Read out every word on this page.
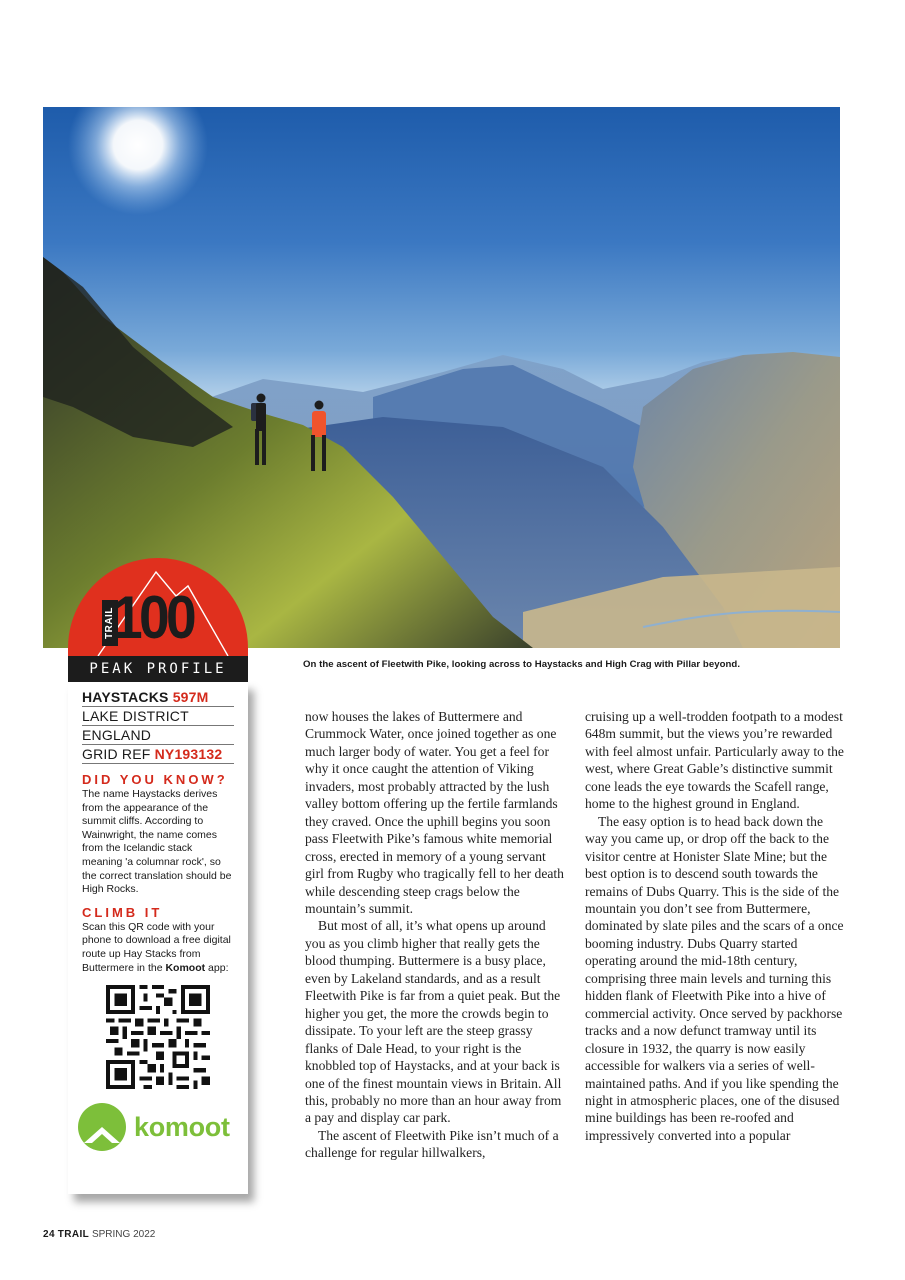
TRAIL
100
PEAK PROFILE
HAYSTACKS 597M
LAKE DISTRICT
ENGLAND
GRID REF NY193132
DID YOU KNOW?

The name Haystacks derives from the appearance of the summit cliffs. According to Wainwright, the name comes from the Icelandic stack meaning 'a columnar rock', so the correct translation should be High Rocks.

CLIMB IT

Scan this QR code with your phone to download a free digital route up Hay Stacks from Buttermere in the Komoot app:

komoot
On the ascent of Fleetwith Pike, looking across to Haystacks and High Crag with Pillar beyond.

now houses the lakes of Buttermere and Crummock Water, once joined together as one much larger body of water. You get a feel for why it once caught the attention of Viking invaders, most probably attracted by the lush valley bottom offering up the fertile farmlands they craved. Once the uphill begins you soon pass Fleetwith Pike’s famous white memorial cross, erected in memory of a young servant girl from Rugby who tragically fell to her death while descending steep crags below the mountain’s summit.

But most of all, it’s what opens up around you as you climb higher that really gets the blood thumping. Buttermere is a busy place, even by Lakeland standards, and as a result Fleetwith Pike is far from a quiet peak. But the higher you get, the more the crowds begin to dissipate. To your left are the steep grassy flanks of Dale Head, to your right is the knobbled top of Haystacks, and at your back is one of the finest mountain views in Britain. All this, probably no more than an hour away from a pay and display car park.

The ascent of Fleetwith Pike isn’t much of a challenge for regular hillwalkers,

cruising up a well-trodden footpath to a modest 648m summit, but the views you’re rewarded with feel almost unfair. Particularly away to the west, where Great Gable’s distinctive summit cone leads the eye towards the Scafell range, home to the highest ground in England.

The easy option is to head back down the way you came up, or drop off the back to the visitor centre at Honister Slate Mine; but the best option is to descend south towards the remains of Dubs Quarry. This is the side of the mountain you don’t see from Buttermere, dominated by slate piles and the scars of a once booming industry. Dubs Quarry started operating around the mid-18th century, comprising three main levels and turning this hidden flank of Fleetwith Pike into a hive of commercial activity. Once served by packhorse tracks and a now defunct tramway until its closure in 1932, the quarry is now easily accessible for walkers via a series of well-maintained paths. And if you like spending the night in atmospheric places, one of the disused mine buildings has been re-roofed and impressively converted into a popular

24 TRAIL SPRING 2022
